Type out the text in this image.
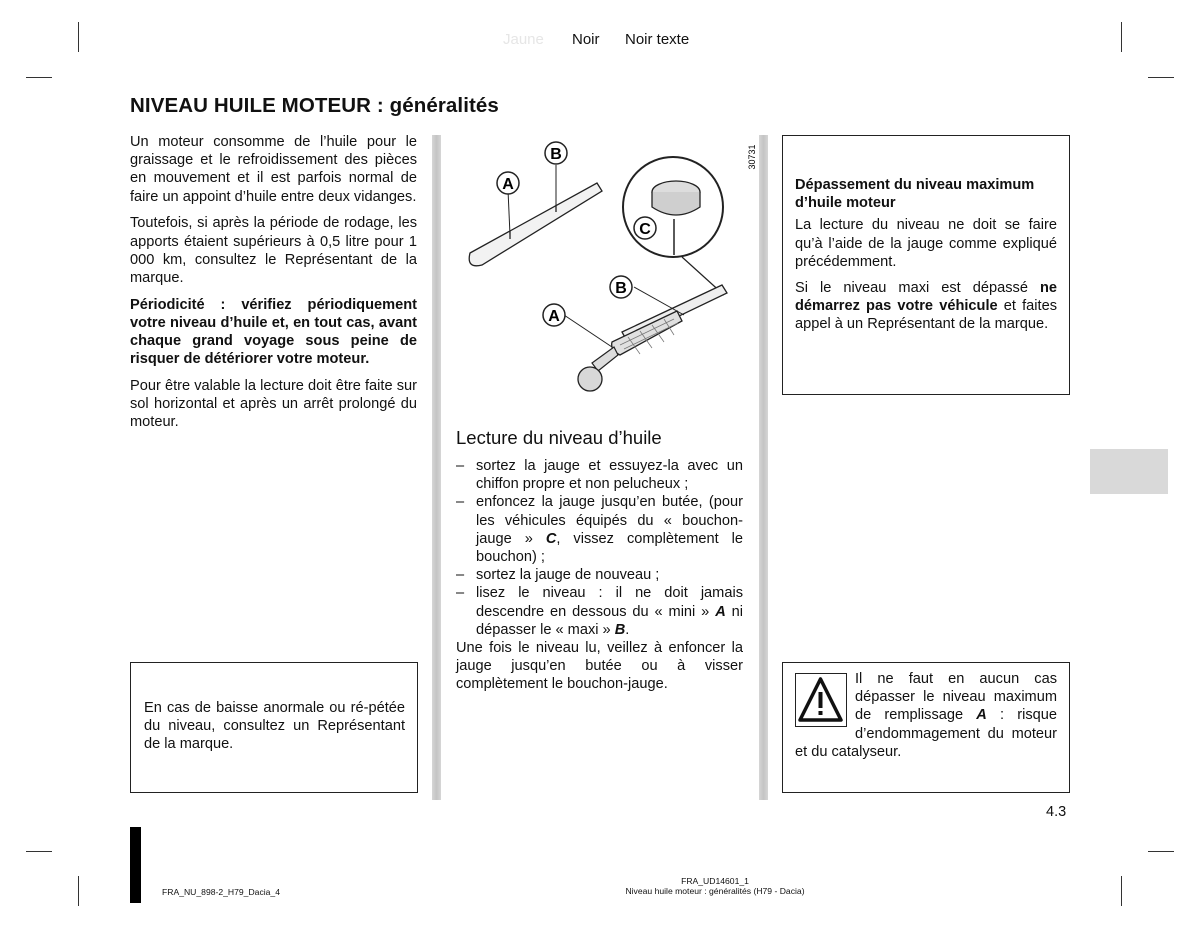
Jaune Noir Noir texte
NIVEAU HUILE MOTEUR : généralités

Un moteur consomme de l’huile pour le graissage et le refroidissement des pièces en mouvement et il est parfois normal de faire un appoint d’huile entre deux vidanges.

Toutefois, si après la période de rodage, les apports étaient supérieurs à 0,5 litre pour 1 000 km, consultez le Représentant de la marque.

Périodicité : vérifiez périodiquement votre niveau d’huile et, en tout cas, avant chaque grand voyage sous peine de risquer de détériorer votre moteur.

Pour être valable la lecture doit être faite sur sol horizontal et après un arrêt prolongé du moteur.

En cas de baisse anormale ou ré-pétée du niveau, consultez un Représentant de la marque.

A
B
C
B
A
30731
Lecture du niveau d’huile
– sortez la jauge et essuyez-la avec un chiffon propre et non pelucheux ;
– enfoncez la jauge jusqu’en butée, (pour les véhicules équipés du « bouchon-jauge » C, vissez complètement le bouchon) ;
– sortez la jauge de nouveau ;
– lisez le niveau : il ne doit jamais descendre en dessous du « mini » A ni dépasser le « maxi » B.

Une fois le niveau lu, veillez à enfoncer la jauge jusqu’en butée ou à visser complètement le bouchon-jauge.

Dépassement du niveau maximum d’huile moteur

La lecture du niveau ne doit se faire qu’à l’aide de la jauge comme expliqué précédemment.

Si le niveau maxi est dépassé ne démarrez pas votre véhicule et faites appel à un Représentant de la marque.

Il ne faut en aucun cas dépasser le niveau maximum de remplissage A : risque d’endommagement du moteur et du catalyseur.

4.3
FRA_NU_898-2_H79_Dacia_4
FRA_UD14601_1
Niveau huile moteur : généralités (H79 - Dacia)
